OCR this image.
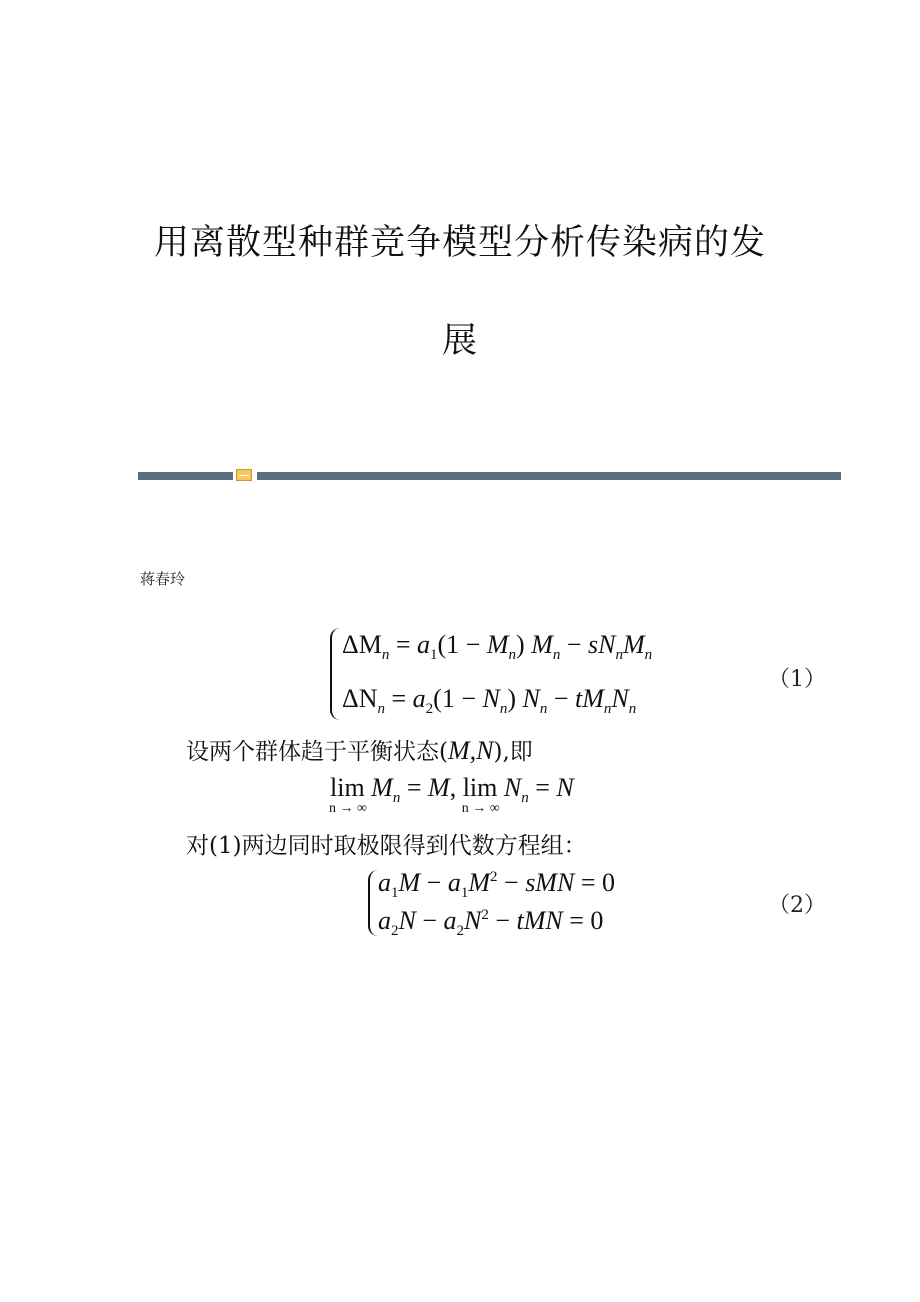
用离散型种群竞争模型分析传染病的发
展
蒋春玲
$\Delta M_n = a_1(1 - M_n) M_n - sN_nM_n$
$\Delta N_n = a_2(1 - N_n) N_n - tM_nN_n$
（1）
设两个群体趋于平衡状态(M,N),即
lim
n → ∞
$M_n = M$, lim
n → ∞
$N_n = N$
对(1)两边同时取极限得到代数方程组：
$a_1M - a_1M^2$ − sMN = 0
$a_2N - a_2N^2$ − tMN = 0
（2）
